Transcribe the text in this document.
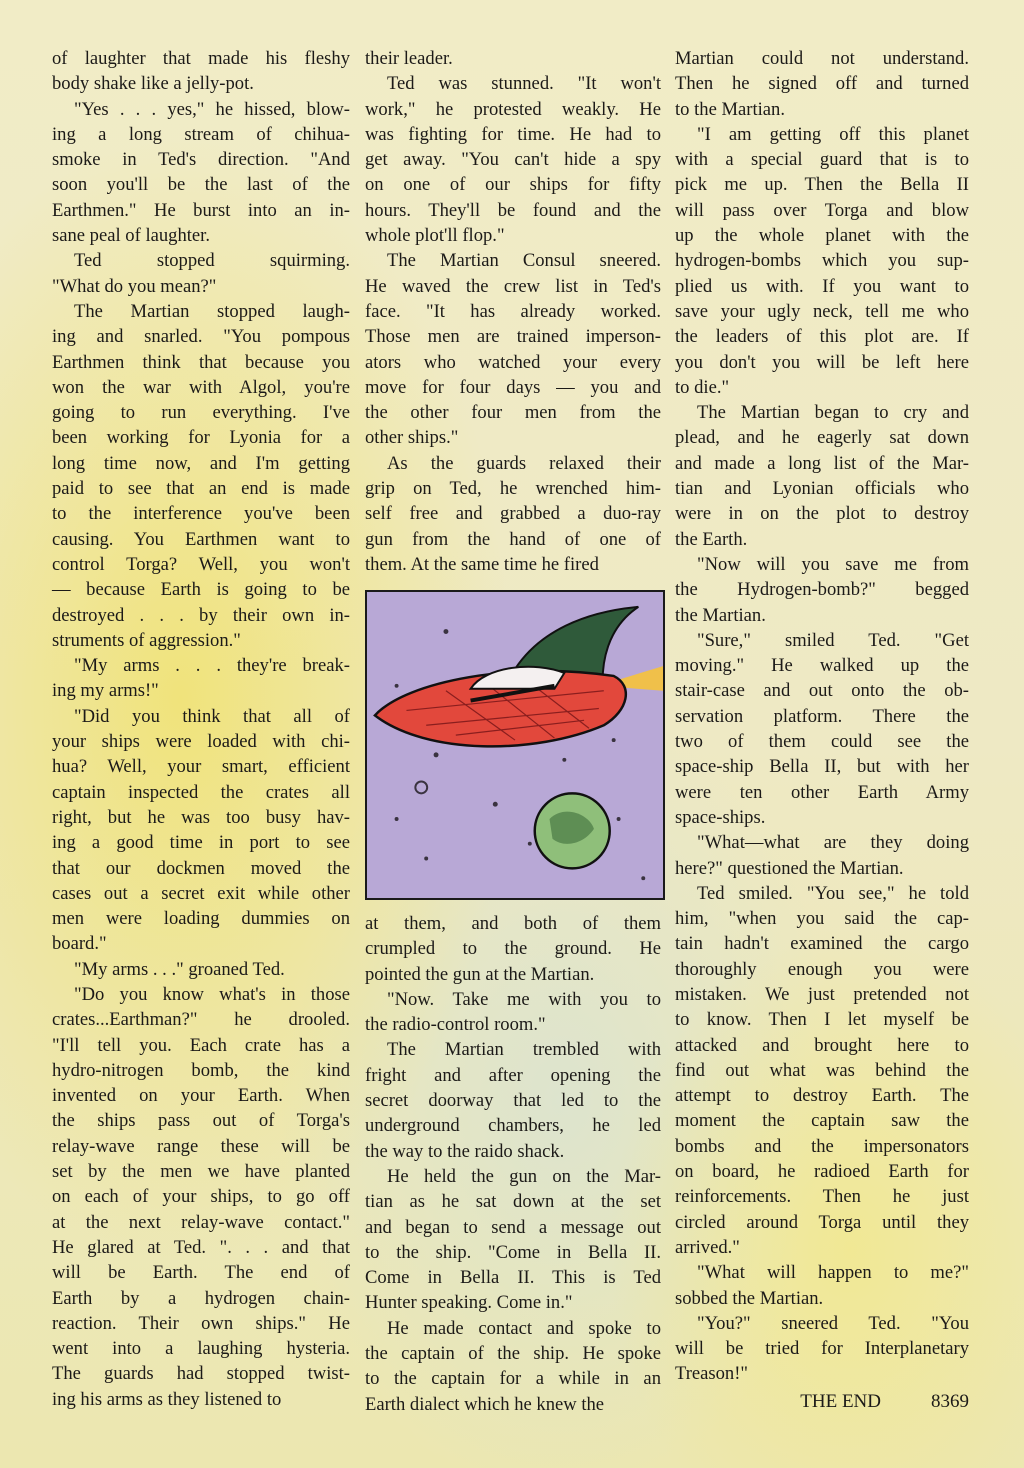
of laughter that made his fleshy
body shake like a jelly-pot.
"Yes . . . yes," he hissed, blow-
ing a long stream of chihua-
smoke in Ted's direction. "And
soon you'll be the last of the
Earthmen." He burst into an in-
sane peal of laughter.
Ted stopped squirming.
"What do you mean?"
The Martian stopped laugh-
ing and snarled. "You pompous
Earthmen think that because you
won the war with Algol, you're
going to run everything. I've
been working for Lyonia for a
long time now, and I'm getting
paid to see that an end is made
to the interference you've been
causing. You Earthmen want to
control Torga? Well, you won't
— because Earth is going to be
destroyed . . . by their own in-
struments of aggression."
"My arms . . . they're break-
ing my arms!"
"Did you think that all of
your ships were loaded with chi-
hua? Well, your smart, efficient
captain inspected the crates all
right, but he was too busy hav-
ing a good time in port to see
that our dockmen moved the
cases out a secret exit while other
men were loading dummies on
board."
"My arms . . ." groaned Ted.
"Do you know what's in those
crates...Earthman?" he drooled.
"I'll tell you. Each crate has a
hydro-nitrogen bomb, the kind
invented on your Earth. When
the ships pass out of Torga's
relay-wave range these will be
set by the men we have planted
on each of your ships, to go off
at the next relay-wave contact."
He glared at Ted. ". . . and that
will be Earth. The end of
Earth by a hydrogen chain-
reaction. Their own ships." He
went into a laughing hysteria.
The guards had stopped twist-
ing his arms as they listened to
their leader.
Ted was stunned. "It won't
work," he protested weakly. He
was fighting for time. He had to
get away. "You can't hide a spy
on one of our ships for fifty
hours. They'll be found and the
whole plot'll flop."
The Martian Consul sneered.
He waved the crew list in Ted's
face. "It has already worked.
Those men are trained imperson-
ators who watched your every
move for four days — you and
the other four men from the
other ships."
As the guards relaxed their
grip on Ted, he wrenched him-
self free and grabbed a duo-ray
gun from the hand of one of
them. At the same time he fired
at them, and both of them
crumpled to the ground. He
pointed the gun at the Martian.
"Now. Take me with you to
the radio-control room."
The Martian trembled with
fright and after opening the
secret doorway that led to the
underground chambers, he led
the way to the raido shack.
He held the gun on the Mar-
tian as he sat down at the set
and began to send a message out
to the ship. "Come in Bella II.
Come in Bella II. This is Ted
Hunter speaking. Come in."
He made contact and spoke to
the captain of the ship. He spoke
to the captain for a while in an
Earth dialect which he knew the
Martian could not understand.
Then he signed off and turned
to the Martian.
"I am getting off this planet
with a special guard that is to
pick me up. Then the Bella II
will pass over Torga and blow
up the whole planet with the
hydrogen-bombs which you sup-
plied us with. If you want to
save your ugly neck, tell me who
the leaders of this plot are. If
you don't you will be left here
to die."
The Martian began to cry and
plead, and he eagerly sat down
and made a long list of the Mar-
tian and Lyonian officials who
were in on the plot to destroy
the Earth.
"Now will you save me from
the Hydrogen-bomb?" begged
the Martian.
"Sure," smiled Ted. "Get
moving." He walked up the
stair-case and out onto the ob-
servation platform. There the
two of them could see the
space-ship Bella II, but with her
were ten other Earth Army
space-ships.
"What—what are they doing
here?" questioned the Martian.
Ted smiled. "You see," he told
him, "when you said the cap-
tain hadn't examined the cargo
thoroughly enough you were
mistaken. We just pretended not
to know. Then I let myself be
attacked and brought here to
find out what was behind the
attempt to destroy Earth. The
moment the captain saw the
bombs and the impersonators
on board, he radioed Earth for
reinforcements. Then he just
circled around Torga until they
arrived."
"What will happen to me?"
sobbed the Martian.
"You?" sneered Ted. "You
will be tried for Interplanetary
Treason!"
THE END	8369
